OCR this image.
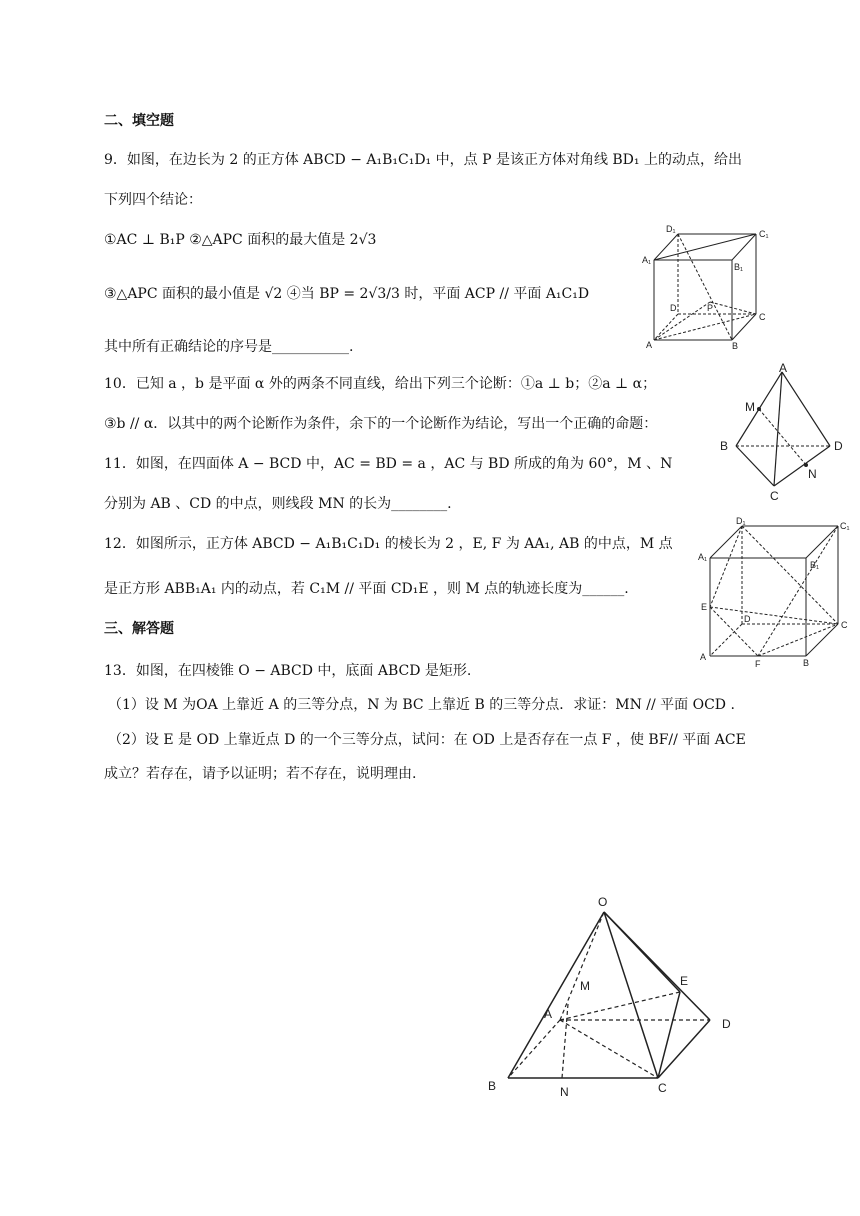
二、填空题
9．如图，在边长为 2 的正方体 ABCD − A₁B₁C₁D₁ 中，点 P 是该正方体对角线 BD₁ 上的动点，给出
下列四个结论：
①AC ⊥ B₁P ②△APC 面积的最大值是 2√3
③△APC 面积的最小值是 √2 ④当 BP = 2√3/3 时，平面 ACP // 平面 A₁C₁D
其中所有正确结论的序号是___________.
10．已知 a ，b 是平面 α 外的两条不同直线，给出下列三个论断：①a ⊥ b；②a ⊥ α；
③b // α．以其中的两个论断作为条件，余下的一个论断作为结论，写出一个正确的命题：
11．如图，在四面体 A − BCD 中，AC = BD = a ，AC 与 BD 所成的角为 60°，M 、N
分别为 AB 、CD 的中点，则线段 MN 的长为________.
12．如图所示，正方体 ABCD − A₁B₁C₁D₁ 的棱长为 2 ，E, F 为 AA₁, AB 的中点，M 点
是正方形 ABB₁A₁ 内的动点，若 C₁M // 平面 CD₁E ，则 M 点的轨迹长度为______.
三、解答题
13．如图，在四棱锥 O − ABCD 中，底面 ABCD 是矩形.
（1）设 M 为OA 上靠近 A 的三等分点，N 为 BC 上靠近 B 的三等分点．求证：MN // 平面 OCD .
（2）设 E 是 OD 上靠近点 D 的一个三等分点，试问：在 OD 上是否存在一点 F ，使 BF// 平面 ACE
成立？若存在，请予以证明；若不存在，说明理由.
D₁	C₁
A₁
B₁
D
C
A	B
P
A
B
C
D
M
N
D₁	C₁
A₁
B₁
E
D
C
A
F	B
O
E
M
A
D
B	N	C
